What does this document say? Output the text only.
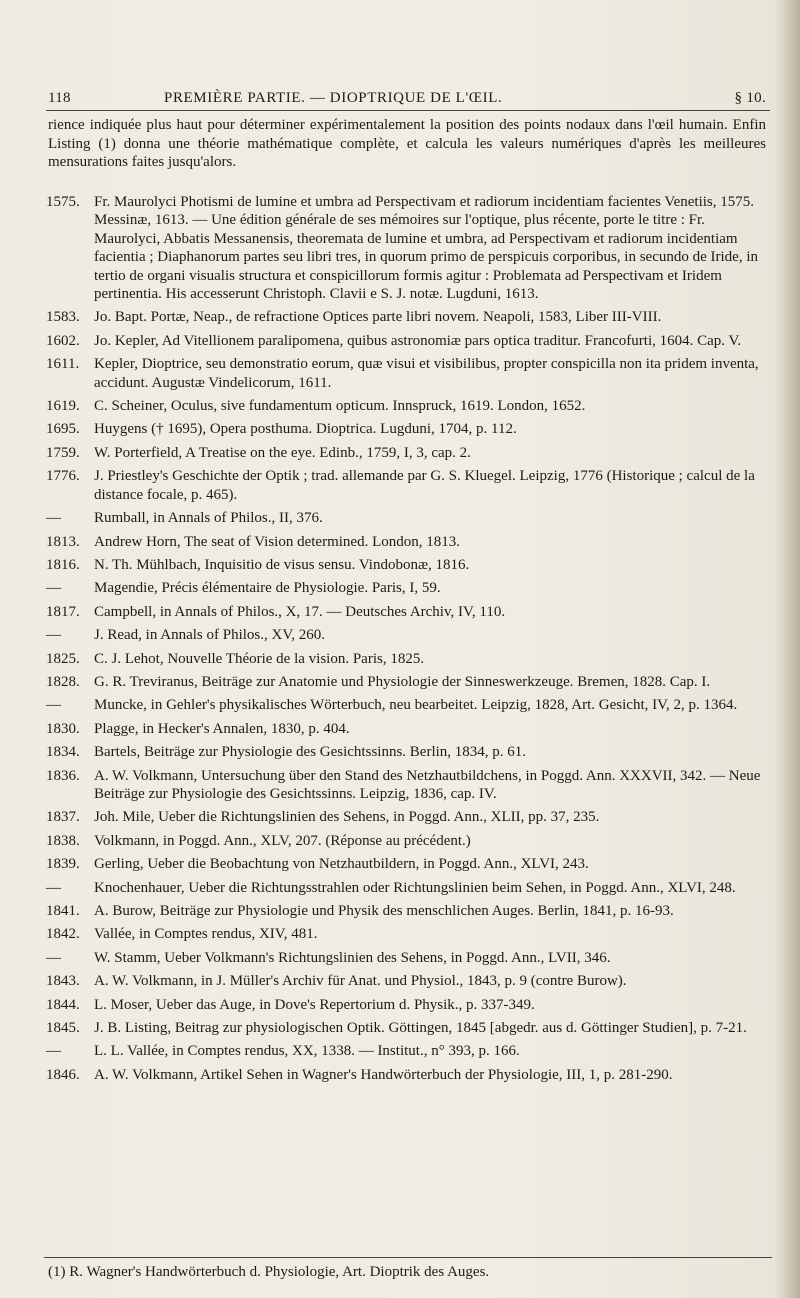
118	PREMIÈRE PARTIE. — DIOPTRIQUE DE L'ŒIL.	§ 10.

rience indiquée plus haut pour déterminer expérimentalement la position des points nodaux dans l'œil humain. Enfin Listing (1) donna une théorie mathématique complète, et calcula les valeurs numériques d'après les meilleures mensurations faites jusqu'alors.

1575. Fr. Maurolyci Photismi de lumine et umbra ad Perspectivam et radiorum incidentiam facientes Venetiis, 1575. Messinæ, 1613. — Une édition générale de ses mémoires sur l'optique, plus récente, porte le titre : Fr. Maurolyci, Abbatis Messanensis, theoremata de lumine et umbra, ad Perspectivam et radiorum incidentiam facientia ; Diaphanorum partes seu libri tres, in quorum primo de perspicuis corporibus, in secundo de Iride, in tertio de organi visualis structura et conspicillorum formis agitur : Problemata ad Perspectivam et Iridem pertinentia. His accesserunt Christoph. Clavii e S. J. notæ. Lugduni, 1613.
1583. Jo. Bapt. Portæ, Neap., de refractione Optices parte libri novem. Neapoli, 1583, Liber III-VIII.
1602. Jo. Kepler, Ad Vitellionem paralipomena, quibus astronomiæ pars optica traditur. Francofurti, 1604. Cap. V.
1611. Kepler, Dioptrice, seu demonstratio eorum, quæ visui et visibilibus, propter conspicilla non ita pridem inventa, accidunt. Augustæ Vindelicorum, 1611.
1619. C. Scheiner, Oculus, sive fundamentum opticum. Innspruck, 1619. London, 1652.
1695. Huygens († 1695), Opera posthuma. Dioptrica. Lugduni, 1704, p. 112.
1759. W. Porterfield, A Treatise on the eye. Edinb., 1759, I, 3, cap. 2.
1776. J. Priestley's Geschichte der Optik ; trad. allemande par G. S. Kluegel. Leipzig, 1776 (Historique ; calcul de la distance focale, p. 465).
—	Rumball, in Annals of Philos., II, 376.
1813. Andrew Horn, The seat of Vision determined. London, 1813.
1816. N. Th. Mühlbach, Inquisitio de visus sensu. Vindobonæ, 1816.
—	Magendie, Précis élémentaire de Physiologie. Paris, I, 59.
1817. Campbell, in Annals of Philos., X, 17. — Deutsches Archiv, IV, 110.
—	J. Read, in Annals of Philos., XV, 260.
1825. C. J. Lehot, Nouvelle Théorie de la vision. Paris, 1825.
1828. G. R. Treviranus, Beiträge zur Anatomie und Physiologie der Sinneswerkzeuge. Bremen, 1828. Cap. I.
—	Muncke, in Gehler's physikalisches Wörterbuch, neu bearbeitet. Leipzig, 1828, Art. Gesicht, IV, 2, p. 1364.
1830. Plagge, in Hecker's Annalen, 1830, p. 404.
1834. Bartels, Beiträge zur Physiologie des Gesichtssinns. Berlin, 1834, p. 61.
1836. A. W. Volkmann, Untersuchung über den Stand des Netzhautbildchens, in Poggd. Ann. XXXVII, 342. — Neue Beiträge zur Physiologie des Gesichtssinns. Leipzig, 1836, cap. IV.
1837. Joh. Mile, Ueber die Richtungslinien des Sehens, in Poggd. Ann., XLII, pp. 37, 235.
1838. Volkmann, in Poggd. Ann., XLV, 207. (Réponse au précédent.)
1839. Gerling, Ueber die Beobachtung von Netzhautbildern, in Poggd. Ann., XLVI, 243.
—	Knochenhauer, Ueber die Richtungsstrahlen oder Richtungslinien beim Sehen, in Poggd. Ann., XLVI, 248.
1841. A. Burow, Beiträge zur Physiologie und Physik des menschlichen Auges. Berlin, 1841, p. 16-93.
1842. Vallée, in Comptes rendus, XIV, 481.
—	W. Stamm, Ueber Volkmann's Richtungslinien des Sehens, in Poggd. Ann., LVII, 346.
1843. A. W. Volkmann, in J. Müller's Archiv für Anat. und Physiol., 1843, p. 9 (contre Burow).
1844. L. Moser, Ueber das Auge, in Dove's Repertorium d. Physik., p. 337-349.
1845. J. B. Listing, Beitrag zur physiologischen Optik. Göttingen, 1845 [abgedr. aus d. Göttinger Studien], p. 7-21.
—	L. L. Vallée, in Comptes rendus, XX, 1338. — Institut., n° 393, p. 166.
1846. A. W. Volkmann, Artikel Sehen in Wagner's Handwörterbuch der Physiologie, III, 1, p. 281-290.
(1) R. Wagner's Handwörterbuch d. Physiologie, Art. Dioptrik des Auges.
